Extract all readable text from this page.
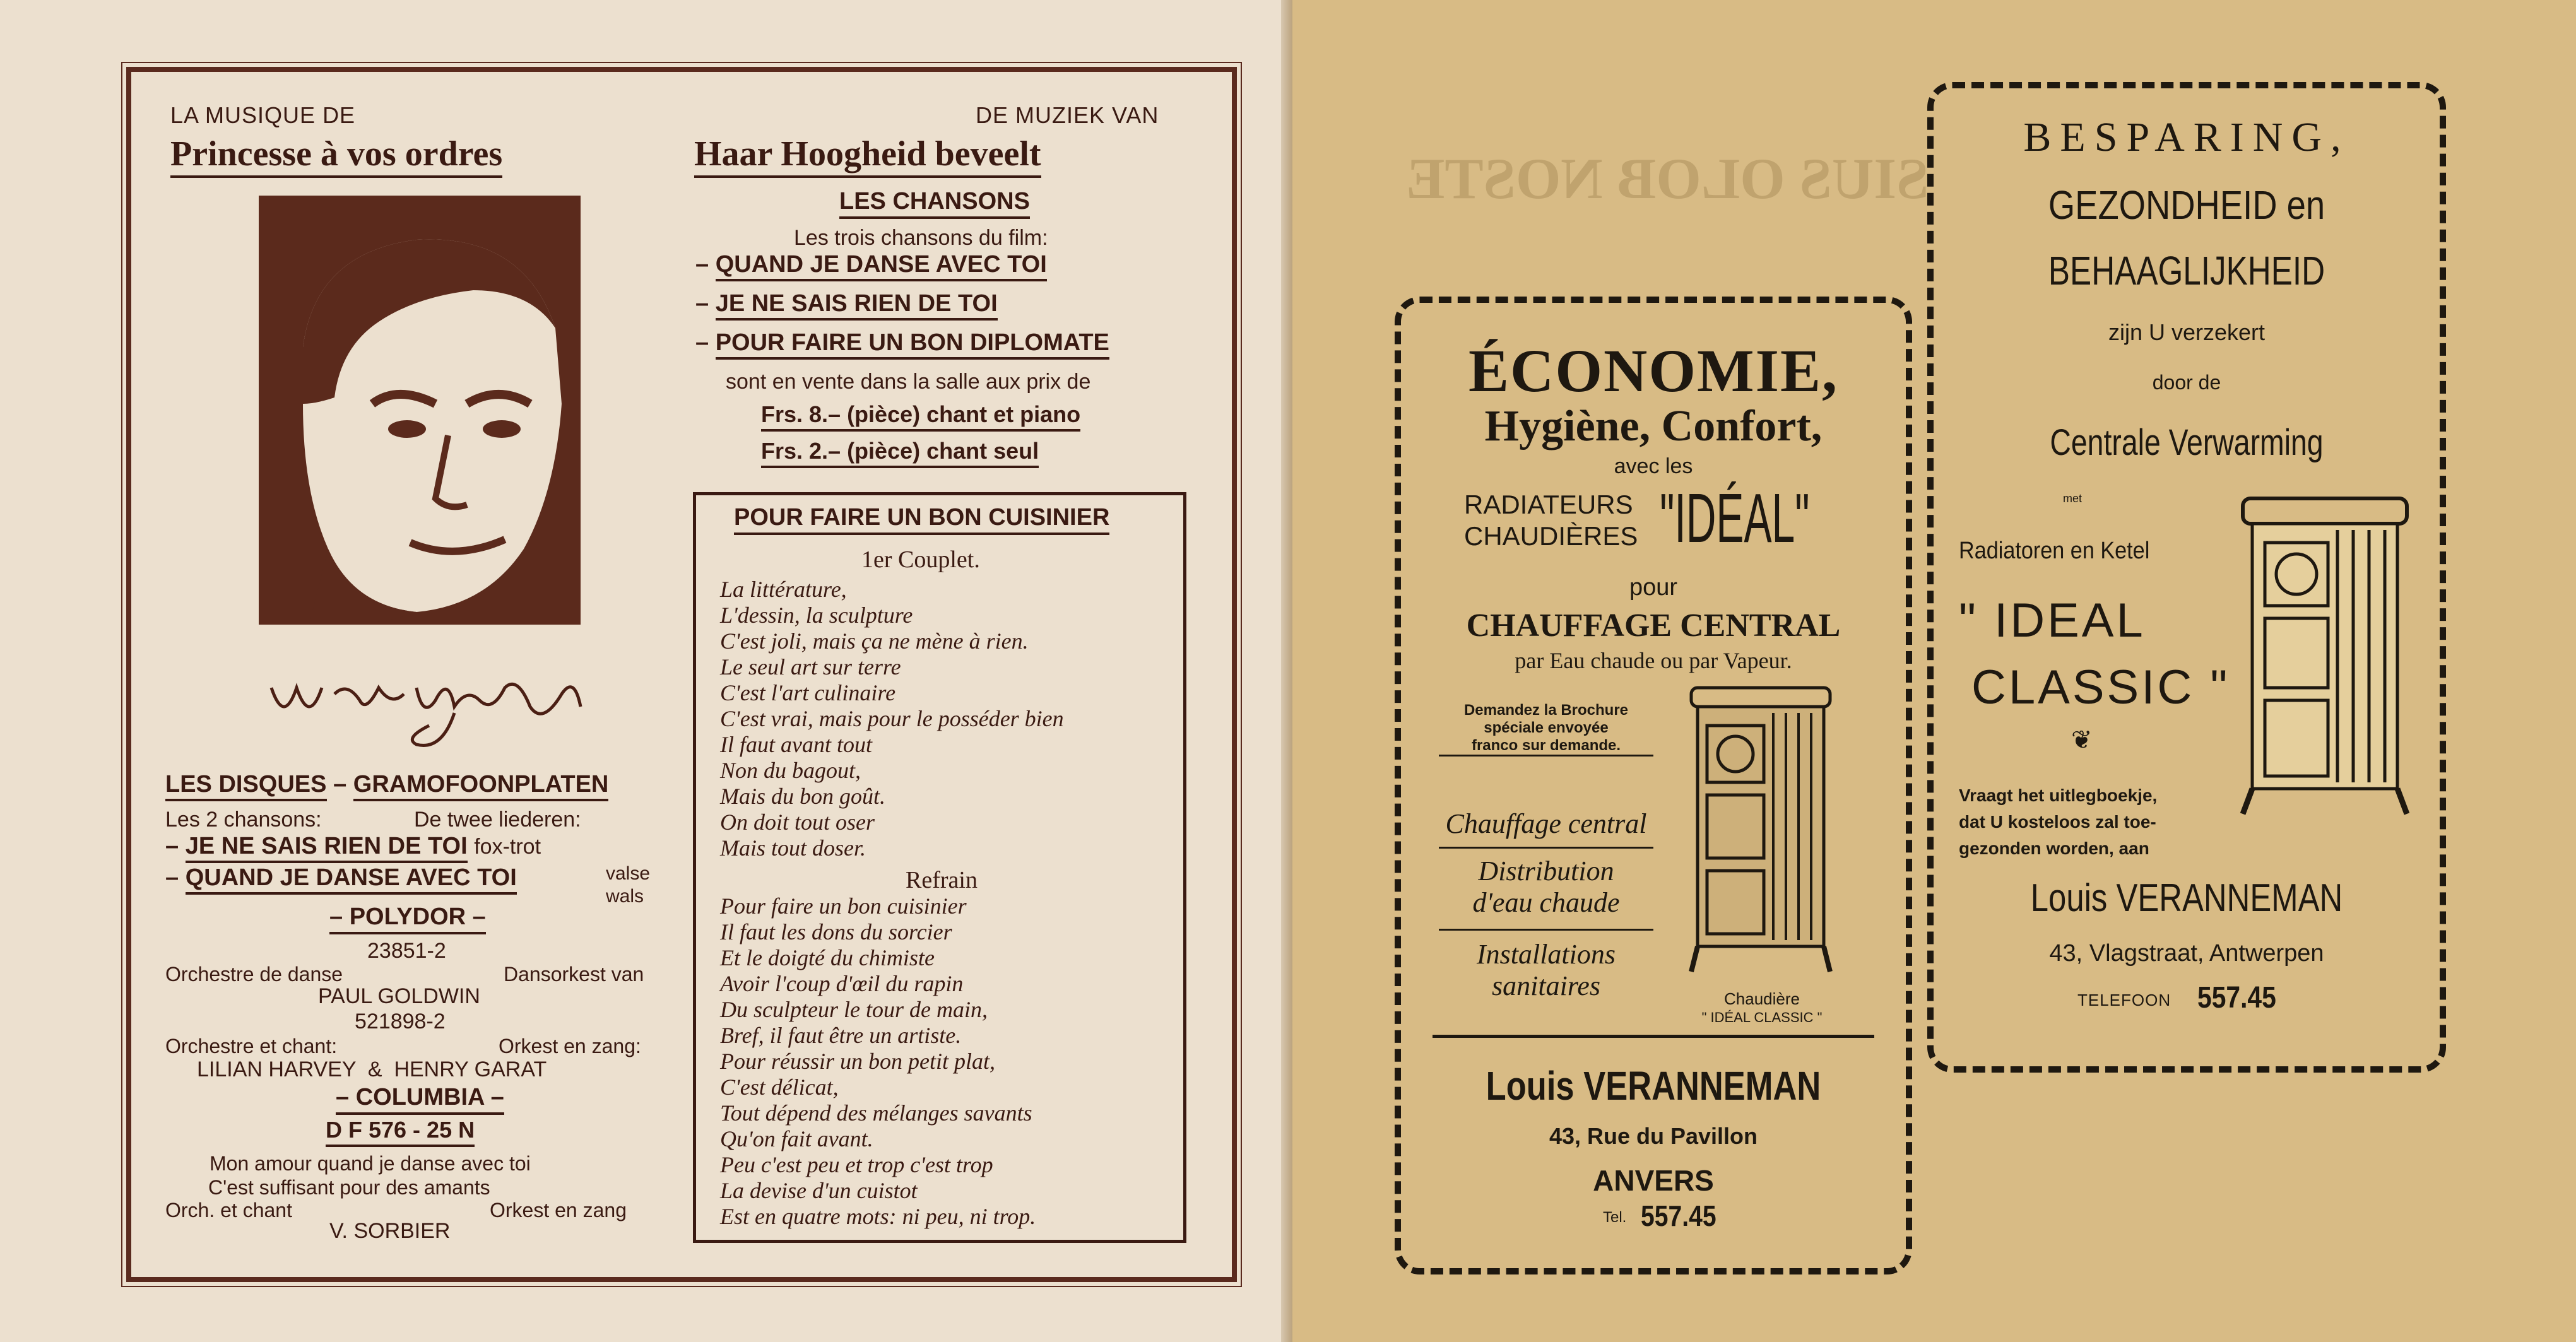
LA MUSIQUE DE
Princesse à vos ordres
DE MUZIEK VAN
Haar Hoogheid beveelt
LES CHANSONS
Les trois chansons du film:
– QUAND JE DANSE AVEC TOI
– JE NE SAIS RIEN DE TOI
– POUR FAIRE UN BON DIPLOMATE
sont en vente dans la salle aux prix de
Frs. 8.– (pièce) chant et piano
Frs. 2.– (pièce) chant seul
POUR FAIRE UN BON CUISINIER
1er Couplet.
La littérature,
L'dessin, la sculpture
C'est joli, mais ça ne mène à rien.
Le seul art sur terre
C'est l'art culinaire
C'est vrai, mais pour le posséder bien
Il faut avant tout
Non du bagout,
Mais du bon goût.
On doit tout oser
Mais tout doser.
Refrain
Pour faire un bon cuisinier
Il faut les dons du sorcier
Et le doigté du chimiste
Avoir l'coup d'œil du rapin
Du sculpteur le tour de main,
Bref, il faut être un artiste.
Pour réussir un bon petit plat,
C'est délicat,
Tout dépend des mélanges savants
Qu'on fait avant.
Peu c'est peu et trop c'est trop
La devise d'un cuistot
Est en quatre mots: ni peu, ni trop.
LES DISQUES – GRAMOFOONPLATEN
Les 2 chansons:	De twee liederen:
– JE NE SAIS RIEN DE TOI fox-trot
– QUAND JE DANSE AVEC TOI	valse
wals
– POLYDOR –
23851-2
Orchestre de danse	Dansorkest van
PAUL GOLDWIN
521898-2
Orchestre et chant:	Orkest en zang:
LILIAN HARVEY  &  HENRY GARAT
– COLUMBIA –
D F 576 - 25 N
Mon amour quand je danse avec toi
C'est suffisant pour des amants
Orch. et chant	Orkest en zang
V. SORBIER
SIUS OLOB NOSTE
ÉCONOMIE,
Hygiène, Confort,
avec les
RADIATEURS
CHAUDIÈRES "IDÉAL"
pour
CHAUFFAGE CENTRAL
par Eau chaude ou par Vapeur.
Demandez la Brochure
spéciale envoyée
franco sur demande.
Chauffage central
Distribution
d'eau chaude
Installations
sanitaires	Chaudière
" IDÉAL CLASSIC "
Louis VERANNEMAN
43, Rue du Pavillon
ANVERS
Tel. 557.45
BESPARING,
GEZONDHEID en
BEHAAGLIJKHEID
zijn U verzekert
door de
Centrale Verwarming
met
Radiatoren en Ketel
" IDEAL
CLASSIC "
❦
Vraagt het uitlegboekje,
dat U kosteloos zal toe-
gezonden worden, aan
Louis VERANNEMAN
43, Vlagstraat, Antwerpen
TELEFOON 557.45
